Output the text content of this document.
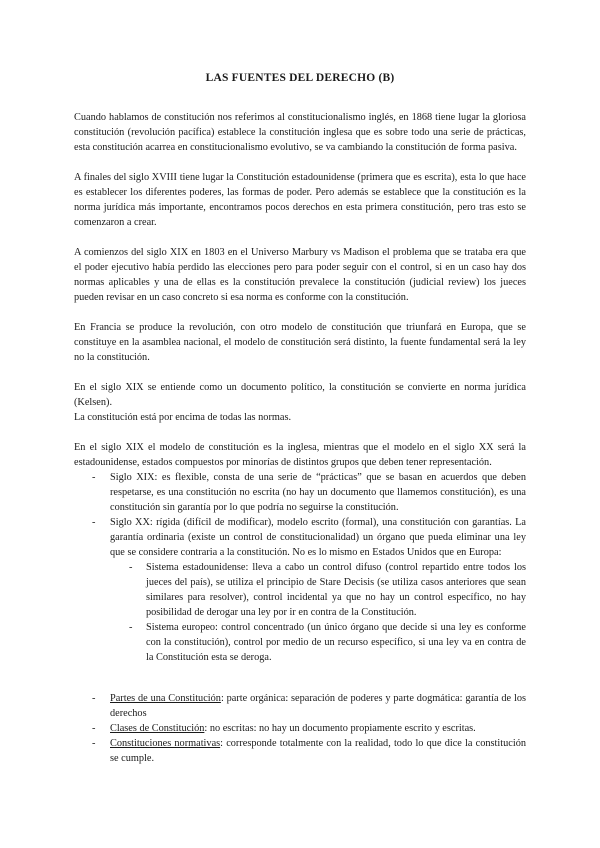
LAS FUENTES DEL DERECHO (B)

Cuando hablamos de constitución nos referimos al constitucionalismo inglés, en 1868 tiene lugar la gloriosa constitución (revolución pacífica) establece la constitución inglesa que es sobre todo una serie de prácticas, esta constitución acarrea en constitucionalismo evolutivo, se va cambiando la constitución de forma pasiva.

A finales del siglo XVIII tiene lugar la Constitución estadounidense (primera que es escrita), esta lo que hace es establecer los diferentes poderes, las formas de poder. Pero además se establece que la constitución es la norma jurídica más importante, encontramos pocos derechos en esta primera constitución, pero tras esto se comenzaron a crear.

A comienzos del siglo XIX en 1803 en el Universo Marbury vs Madison el problema que se trataba era que el poder ejecutivo había perdido las elecciones pero para poder seguir con el control, si en un caso hay dos normas aplicables y una de ellas es la constitución prevalece la constitución (judicial review) los jueces pueden revisar en un caso concreto si esa norma es conforme con la constitución.

En Francia se produce la revolución, con otro modelo de constitución que triunfará en Europa, que se constituye en la asamblea nacional, el modelo de constitución será distinto, la fuente fundamental será la ley no la constitución.

En el siglo XIX se entiende como un documento político, la constitución se convierte en norma jurídica (Kelsen).

La constitución está por encima de todas las normas.

En el siglo XIX el modelo de constitución es la inglesa, mientras que el modelo en el siglo XX será la estadounidense, estados compuestos por minorías de distintos grupos que deben tener representación.

- Siglo XIX: es flexible, consta de una serie de “prácticas” que se basan en acuerdos que deben respetarse, es una constitución no escrita (no hay un documento que llamemos constitución), es una constitución sin garantía por lo que podría no seguirse la constitución.
- Siglo XX: rígida (difícil de modificar), modelo escrito (formal), una constitución con garantías. La garantía ordinaria (existe un control de constitucionalidad) un órgano que pueda eliminar una ley que se considere contraria a la constitución. No es lo mismo en Estados Unidos que en Europa:
- Sistema estadounidense: lleva a cabo un control difuso (control repartido entre todos los jueces del país), se utiliza el principio de Stare Decisis (se utiliza casos anteriores que sean similares para resolver), control incidental ya que no hay un control específico, no hay posibilidad de derogar una ley por ir en contra de la Constitución.
- Sistema europeo: control concentrado (un único órgano que decide si una ley es conforme con la constitución), control por medio de un recurso específico, si una ley va en contra de la Constitución esta se deroga.
- Partes de una Constitución: parte orgánica: separación de poderes y parte dogmática: garantía de los derechos
- Clases de Constitución: no escritas: no hay un documento propiamente escrito y escritas.
- Constituciones normativas: corresponde totalmente con la realidad, todo lo que dice la constitución se cumple.
